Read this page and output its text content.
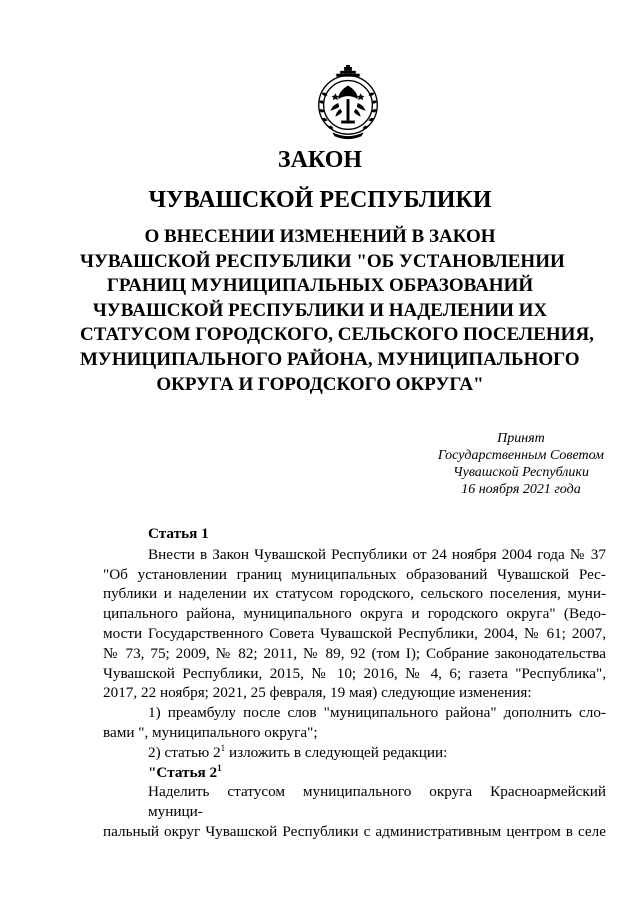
ЗАКОН
ЧУВАШСКОЙ РЕСПУБЛИКИ
О ВНЕСЕНИИ ИЗМЕНЕНИЙ В ЗАКОН
ЧУВАШСКОЙ РЕСПУБЛИКИ "ОБ УСТАНОВЛЕНИИ
ГРАНИЦ МУНИЦИПАЛЬНЫХ ОБРАЗОВАНИЙ
ЧУВАШСКОЙ РЕСПУБЛИКИ И НАДЕЛЕНИИ ИХ
СТАТУСОМ ГОРОДСКОГО, СЕЛЬСКОГО ПОСЕЛЕНИЯ,
МУНИЦИПАЛЬНОГО РАЙОНА, МУНИЦИПАЛЬНОГО
ОКРУГА И ГОРОДСКОГО ОКРУГА"
Принят
Государственным Советом
Чувашской Республики
16 ноября 2021 года
Статья 1
Внести в Закон Чувашской Республики от 24 ноября 2004 года № 37
"Об установлении границ муниципальных образований Чувашской Рес-
публики и наделении их статусом городского, сельского поселения, муни-
ципального района, муниципального округа и городского округа" (Ведо-
мости Государственного Совета Чувашской Республики, 2004, № 61; 2007,
№ 73, 75; 2009, № 82; 2011, № 89, 92 (том I); Собрание законодательства
Чувашской Республики, 2015, № 10; 2016, № 4, 6; газета "Республика",
2017, 22 ноября; 2021, 25 февраля, 19 мая) следующие изменения:
1) преамбулу после слов "муниципального района" дополнить сло-
вами ", муниципального округа";
2) статью $2^1$ изложить в следующей редакции:
"Статья $2^1$
Наделить статусом муниципального округа Красноармейский муници-
пальный округ Чувашской Республики с административным центром в селе
